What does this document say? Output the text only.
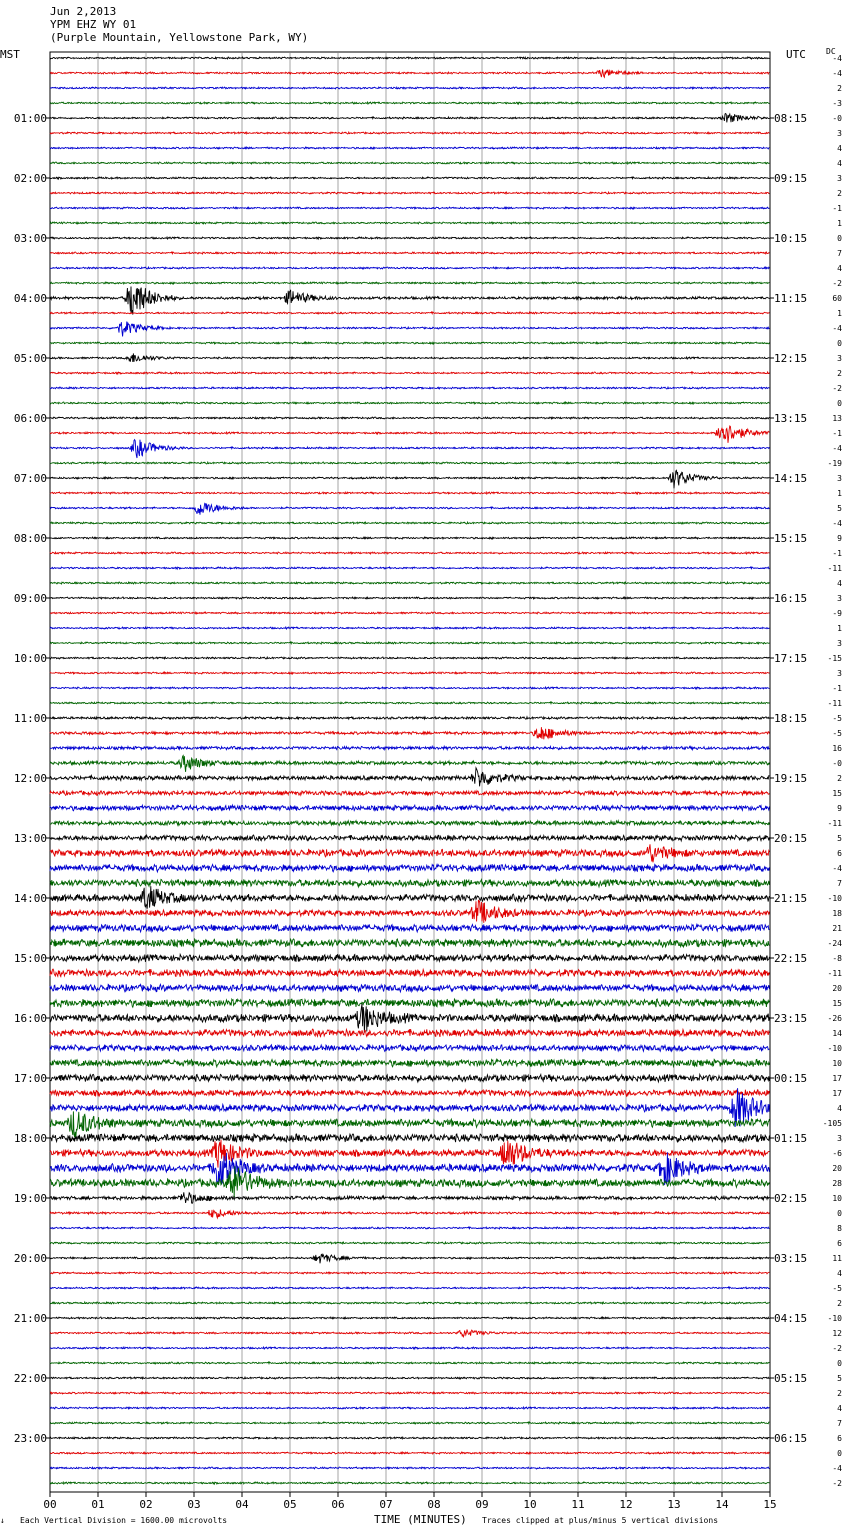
Jun 2,2013
YPM EHZ WY 01
(Purple Mountain, Yellowstone Park, WY)
MST	UTC	DC
00	01	02	03	04	05	06	07	08	09	10	11	12	13	14	15
-4
-4
2
-3
-0
01:00	08:15
3
4
4
3
02:00	09:15
2
-1
1
0
03:00	10:15
7
4
-2
60
04:00	11:15
1
-4
0
3
05:00	12:15
2
-2
0
13
06:00	13:15
-1
-4
-19
3
07:00	14:15
1
5
-4
9
08:00	15:15
-1
-11
4
3
09:00	16:15
-9
1
3
-15
10:00	17:15
3
-1
-11
-5
11:00	18:15
-5
16
-0
2
12:00	19:15
15
9
-11
5
13:00	20:15
6
-4
7
-10
14:00	21:15
18
21
-24
-8
15:00	22:15
-11
20
15
-26
16:00	23:15
14
-10
10
17
17:00	00:15
17
4
-105
3
18:00	01:15
-6
20
28
10
19:00	02:15
0
8
6
11
20:00	03:15
4
-5
2
-10
21:00	04:15
12
-2
0
5
22:00	05:15
2
4
7
6
23:00	06:15
0
-4
-2
↓ Each Vertical Division = 1600.00 microvolts	TIME (MINUTES) Traces clipped at plus/minus 5 vertical divisions
